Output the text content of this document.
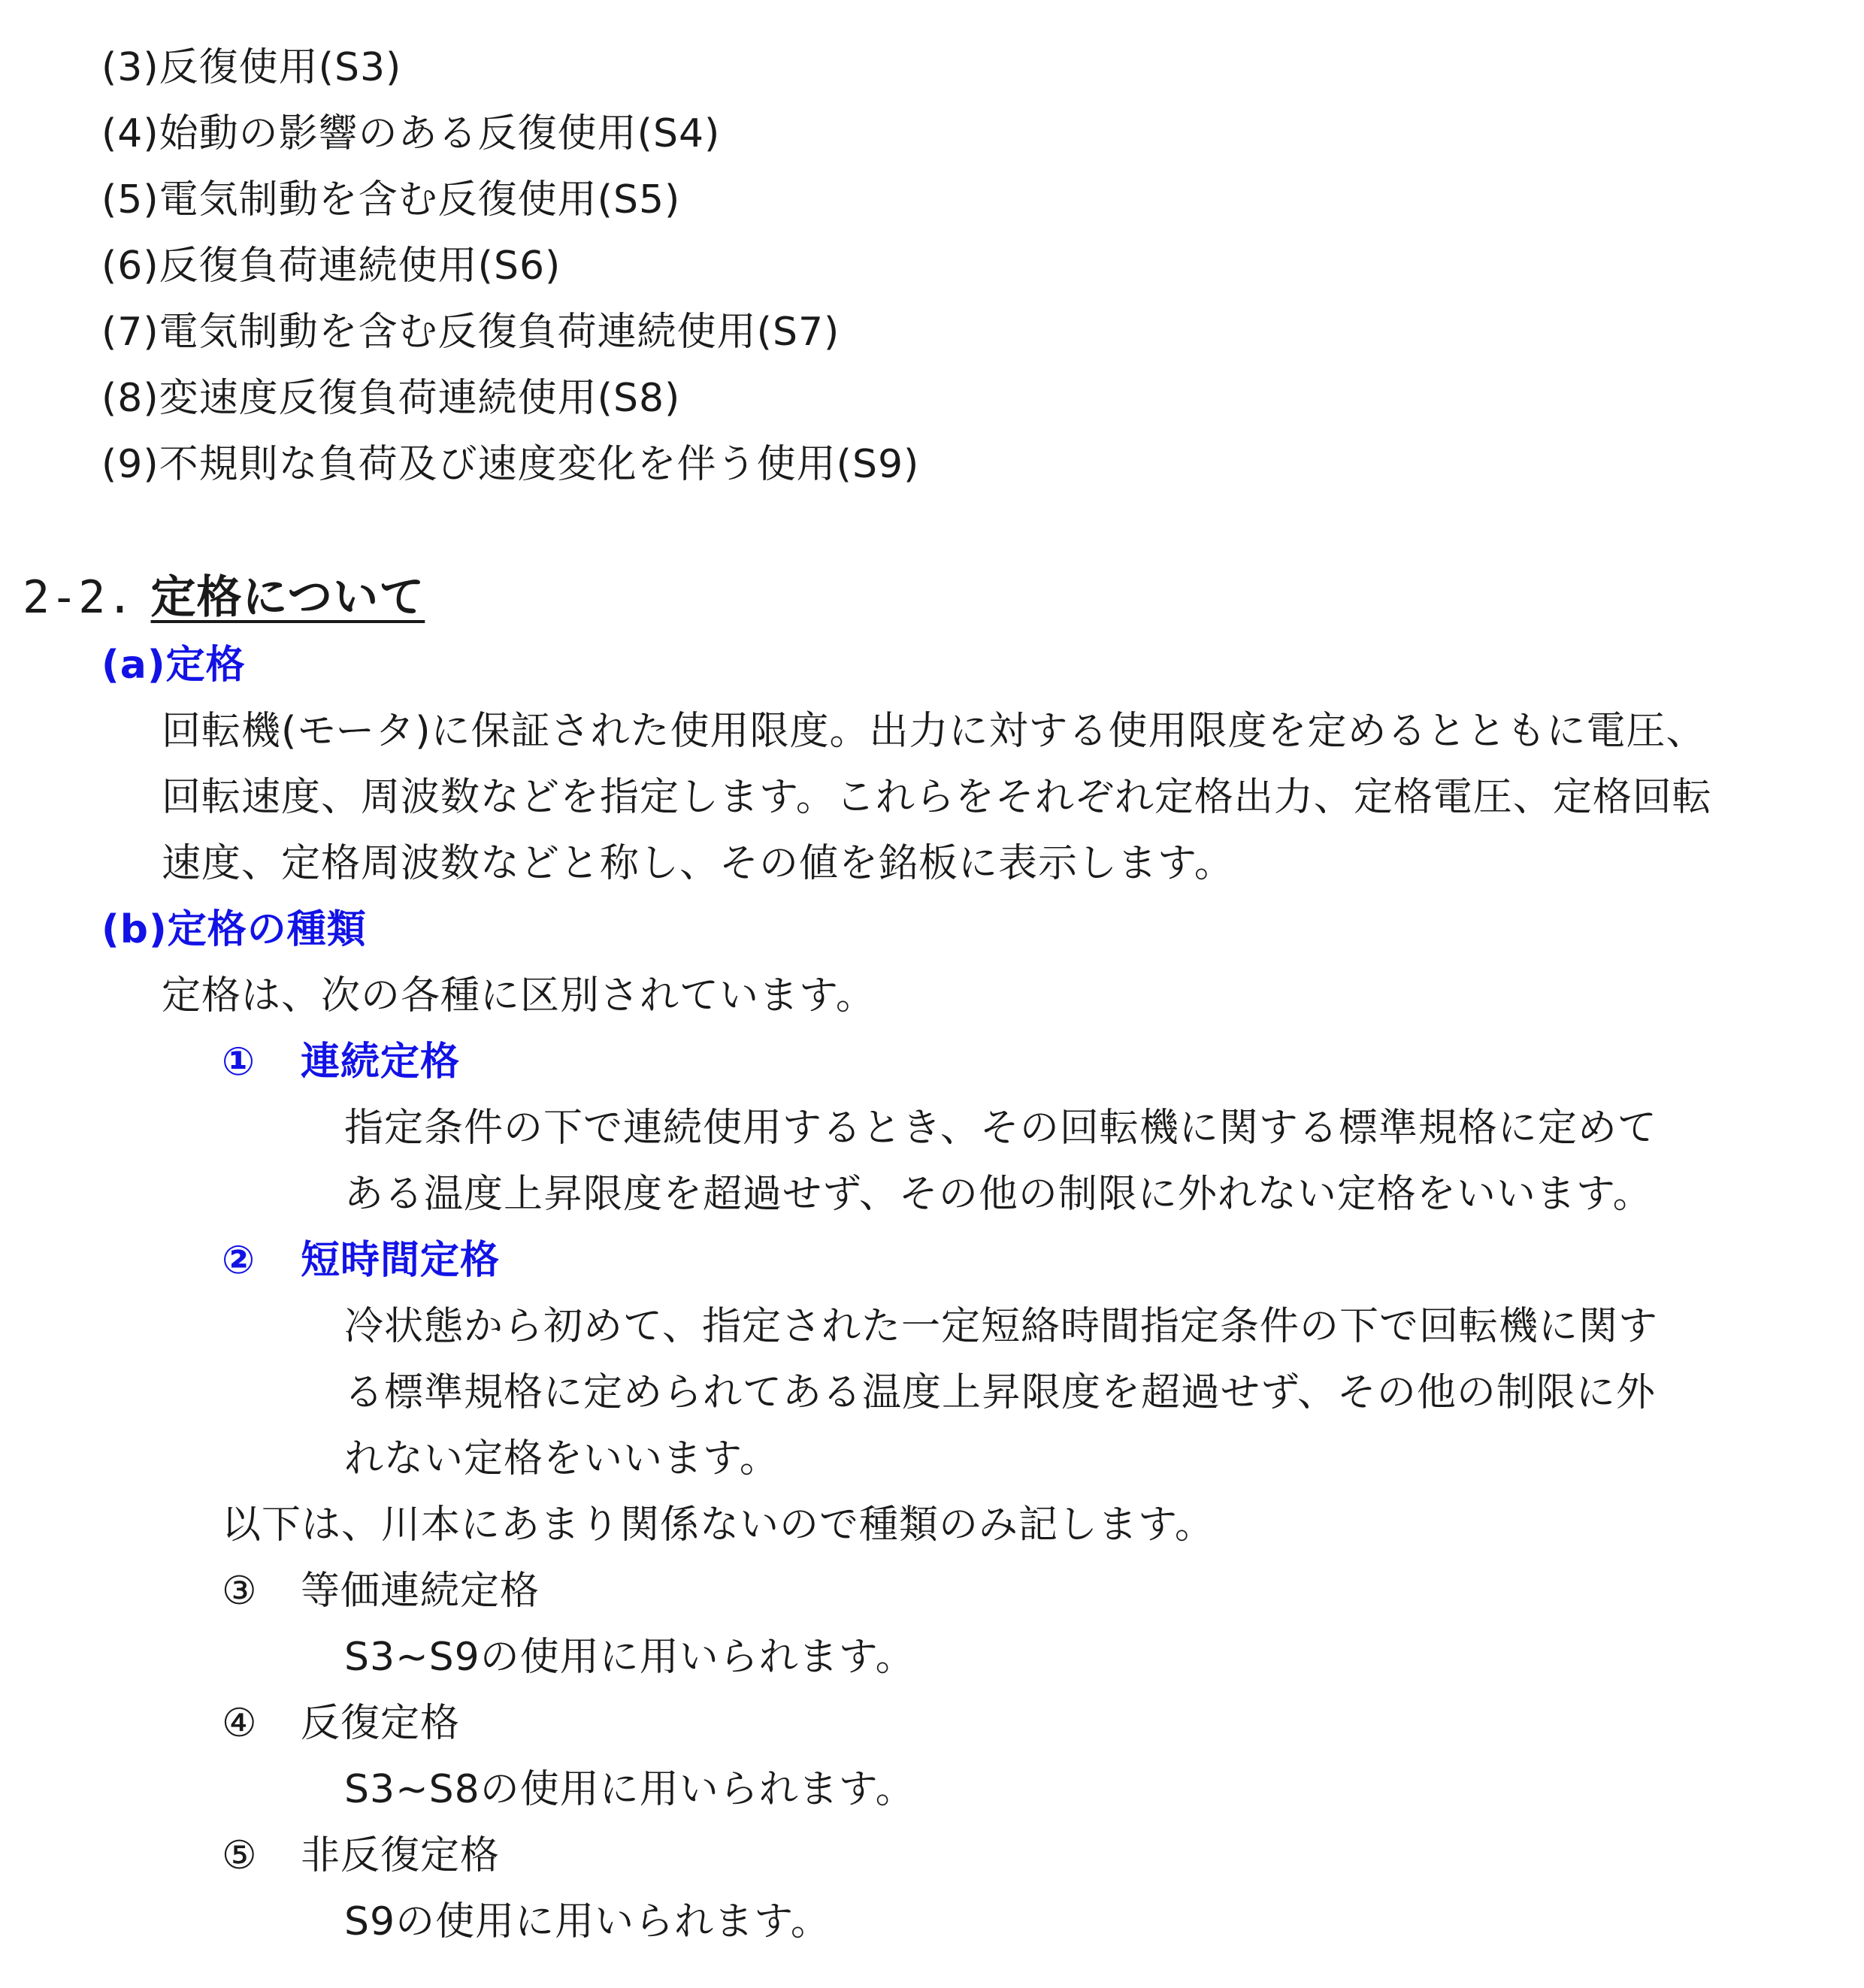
(3)反復使用(S3)
(4)始動の影響のある反復使用(S4)
(5)電気制動を含む反復使用(S5)
(6)反復負荷連続使用(S6)
(7)電気制動を含む反復負荷連続使用(S7)
(8)変速度反復負荷連続使用(S8)
(9)不規則な負荷及び速度変化を伴う使用(S9)
2-2. 定格について
(a)定格
回転機(モータ)に保証された使用限度。出力に対する使用限度を定めるとともに電圧、
回転速度、周波数などを指定します。これらをそれぞれ定格出力、定格電圧、定格回転
速度、定格周波数などと称し、その値を銘板に表示します。
(b)定格の種類
定格は、次の各種に区別されています。
① 連続定格
指定条件の下で連続使用するとき、その回転機に関する標準規格に定めて
ある温度上昇限度を超過せず、その他の制限に外れない定格をいいます。
② 短時間定格
冷状態から初めて、指定された一定短絡時間指定条件の下で回転機に関す
る標準規格に定められてある温度上昇限度を超過せず、その他の制限に外
れない定格をいいます。
以下は、川本にあまり関係ないので種類のみ記します。
③ 等価連続定格
S3~S9の使用に用いられます。
④ 反復定格
S3~S8の使用に用いられます。
⑤ 非反復定格
S9の使用に用いられます。
